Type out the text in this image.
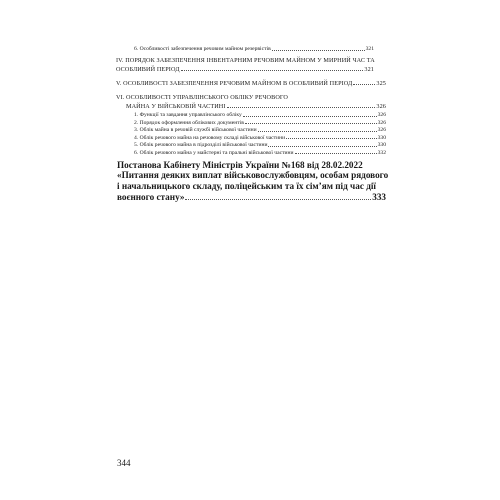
6. Особливості забезпечення речовим майном резервістів	321
IV. ПОРЯДОК ЗАБЕЗПЕЧЕННЯ ІНВЕНТАРНИМ РЕЧОВИМ МАЙНОМ У МИРНИЙ ЧАС ТА
ОСОБЛИВИЙ ПЕРІОД	321
V. ОСОБЛИВОСТІ ЗАБЕЗПЕЧЕННЯ РЕЧОВИМ МАЙНОМ В ОСОБЛИВИЙ ПЕРІОД	325
VI. ОСОБЛИВОСТІ УПРАВЛІНСЬКОГО ОБЛІКУ РЕЧОВОГО
МАЙНА У ВІЙСЬКОВІЙ ЧАСТИНІ	326
1. Функції та завдання управлінського обліку	326
2. Порядок оформлення облікових документів	326
3. Облік майна в речовій службі військової частини	326
4. Облік речового майна на речовому складі військової частини	330
5. Облік речового майна в підрозділі військової частини	330
6. Облік речового майна у майстерні та пральні військової частини	332
Постанова Кабінету Міністрів України №168 від 28.02.2022
«Питання деяких виплат військовослужбовцям, особам рядового
і начальницького складу, поліцейським та їх сім’ям під час дії
воєнного стану»	333
344
